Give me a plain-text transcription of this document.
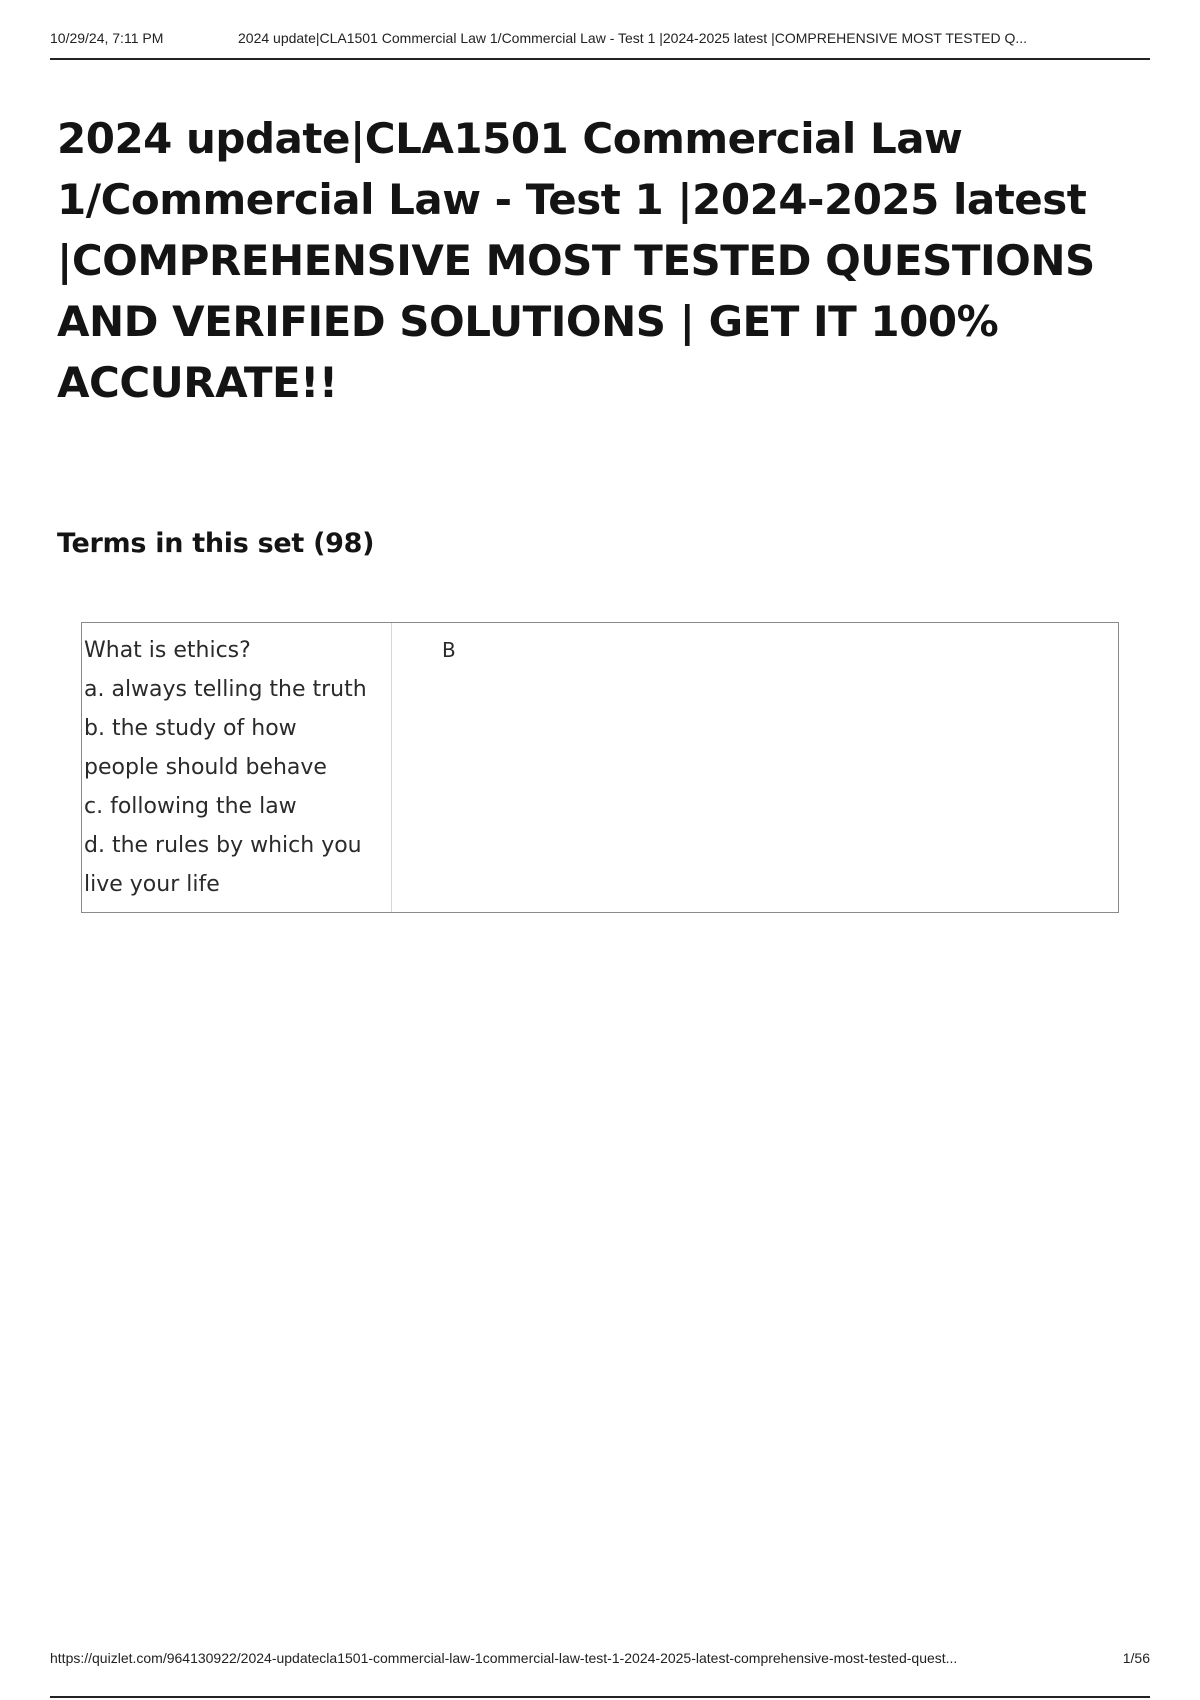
10/29/24, 7:11 PM	2024 update|CLA1501 Commercial Law 1/Commercial Law - Test 1 |2024-2025 latest |COMPREHENSIVE MOST TESTED Q...
2024 update|CLA1501 Commercial Law 1/Commercial Law - Test 1 |2024-2025 latest |COMPREHENSIVE MOST TESTED QUESTIONS AND VERIFIED SOLUTIONS | GET IT 100% ACCURATE!!
Terms in this set (98)
What is ethics?
a. always telling the truth
b. the study of how
people should behave
c. following the law
d. the rules by which you
live your life
B
https://quizlet.com/964130922/2024-updatecla1501-commercial-law-1commercial-law-test-1-2024-2025-latest-comprehensive-most-tested-quest...	1/56
